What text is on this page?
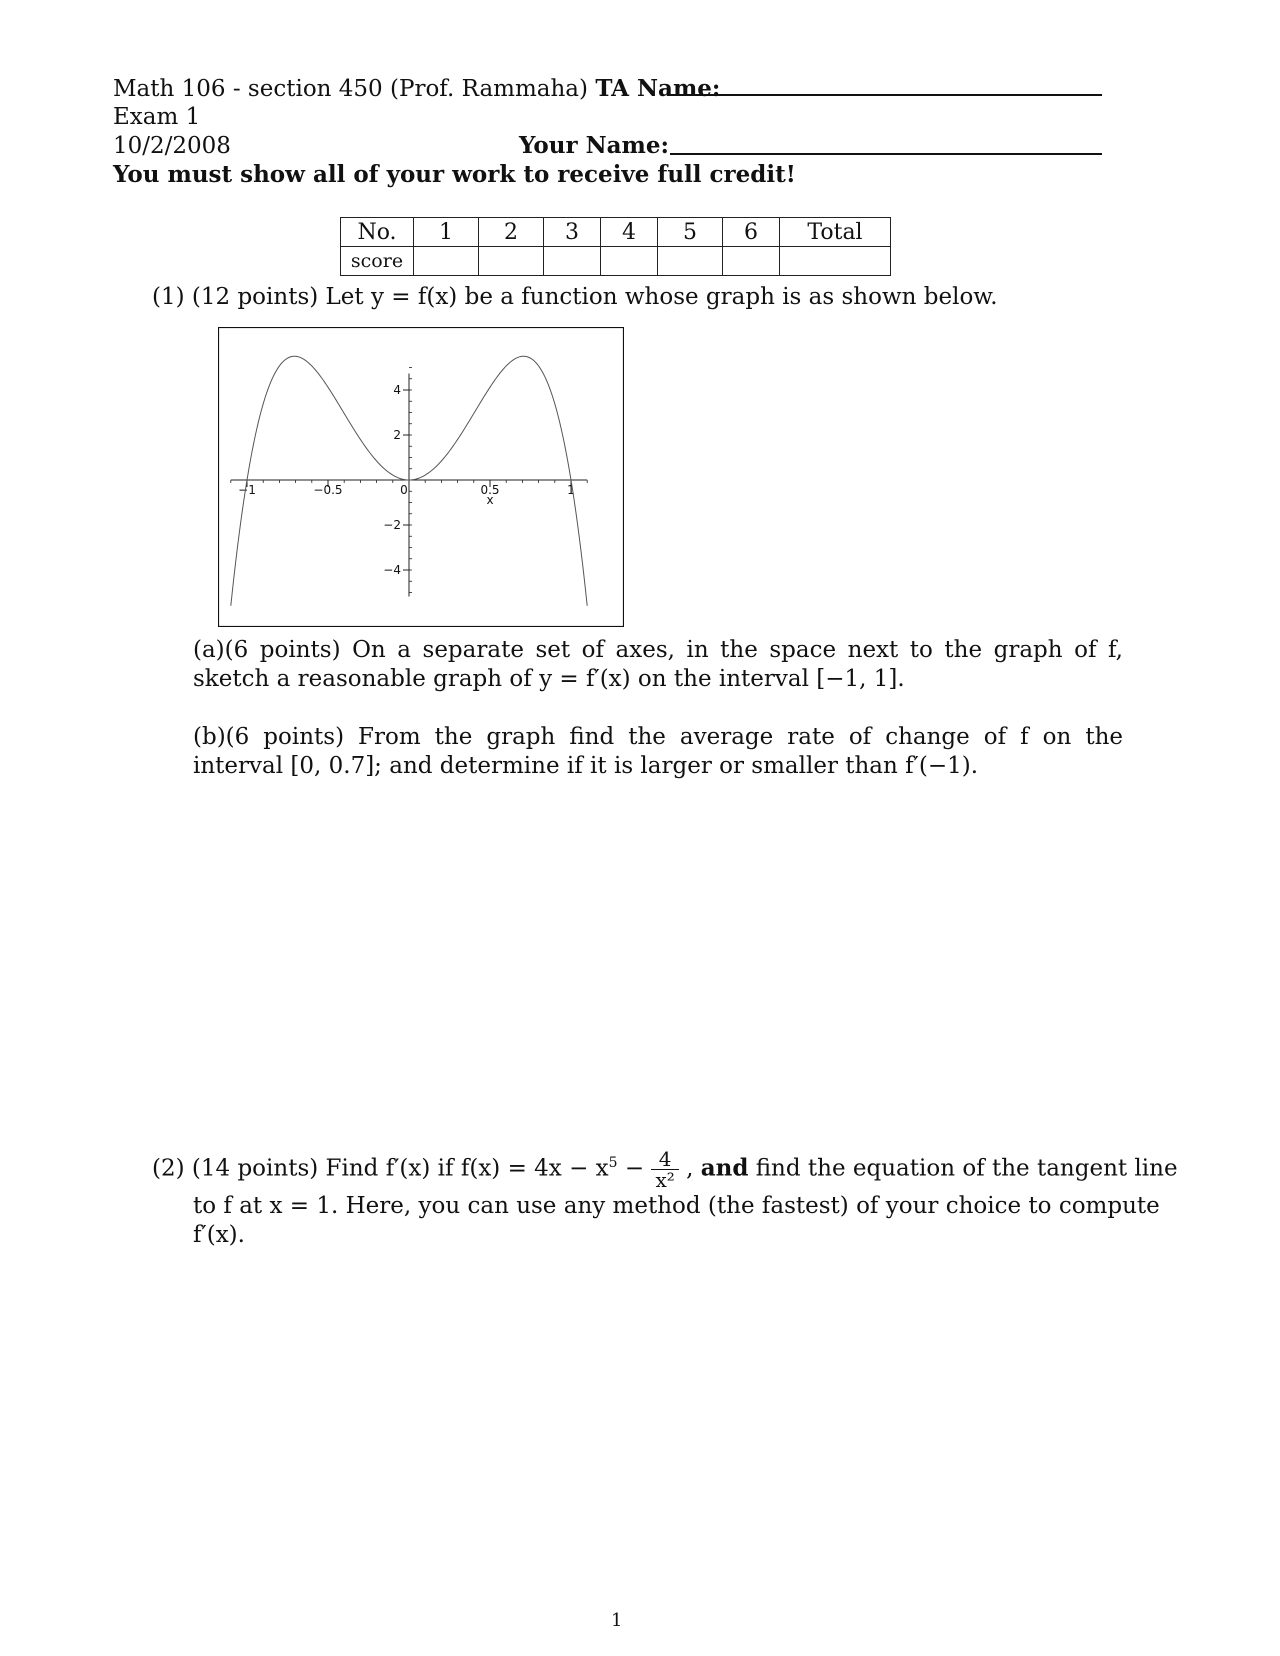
Math 106 - section 450 (Prof. Rammaha) TA Name:
Exam 1
10/2/2008	Your Name:
You must show all of your work to receive full credit!
No.	1	2	3	4	5	6	Total
score							
(1) (12 points) Let y = f(x) be a function whose graph is as shown below.
−1	−0.5	0	0.5	1
x
4
2
−2
−4
(a)(6 points) On a separate set of axes, in the space next to the graph of f, sketch a reasonable graph of y = f′(x) on the interval [−1, 1].
(b)(6 points) From the graph find the average rate of change of f on the interval [0, 0.7]; and determine if it is larger or smaller than f′(−1).
(2) (14 points) Find f′(x) if $f(x) = 4x - x^5 - \frac{4}{\text{x²}}$ , and find the equation of the tangent line
to f at x = 1. Here, you can use any method (the fastest) of your choice to compute
f′(x).
1
